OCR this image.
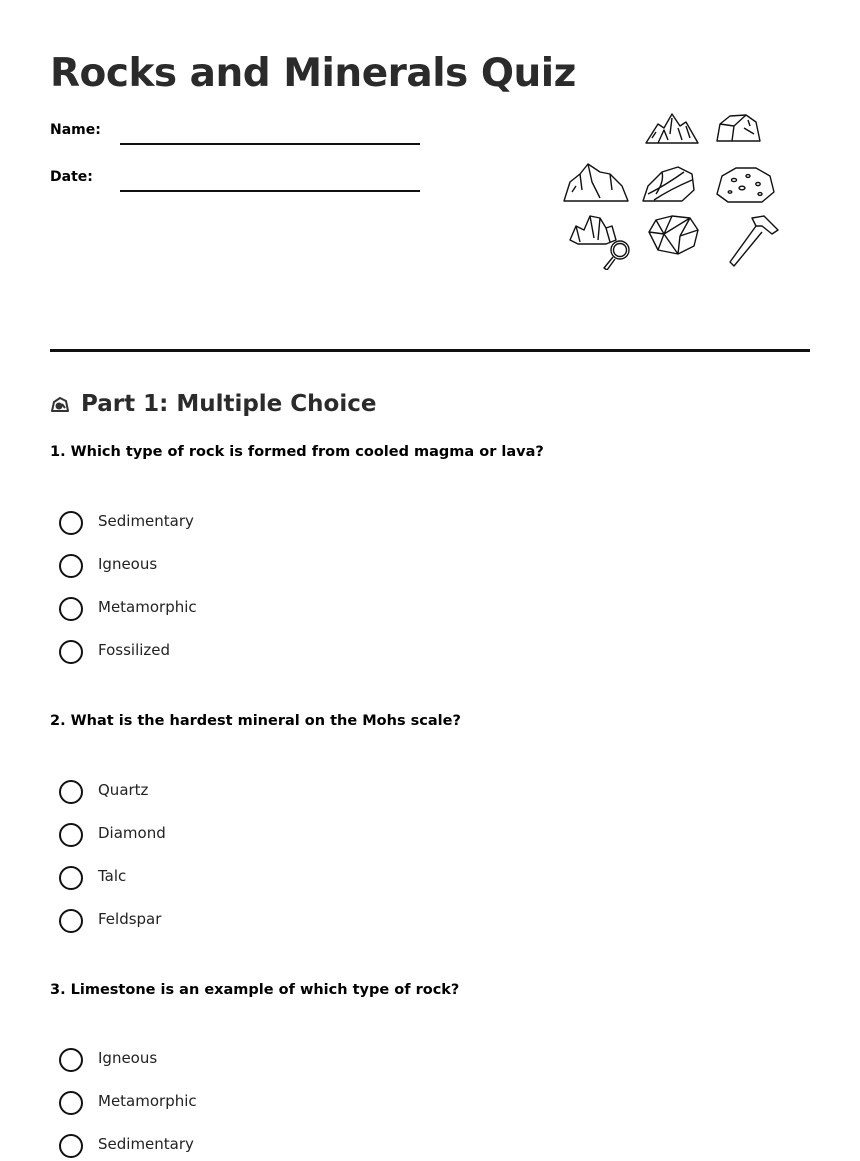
Rocks and Minerals Quiz
Name:
Date:
Part 1: Multiple Choice

1. Which type of rock is formed from cooled magma or lava?

Sedimentary
Igneous
Metamorphic
Fossilized

2. What is the hardest mineral on the Mohs scale?

Quartz
Diamond
Talc
Feldspar

3. Limestone is an example of which type of rock?

Igneous
Metamorphic
Sedimentary
